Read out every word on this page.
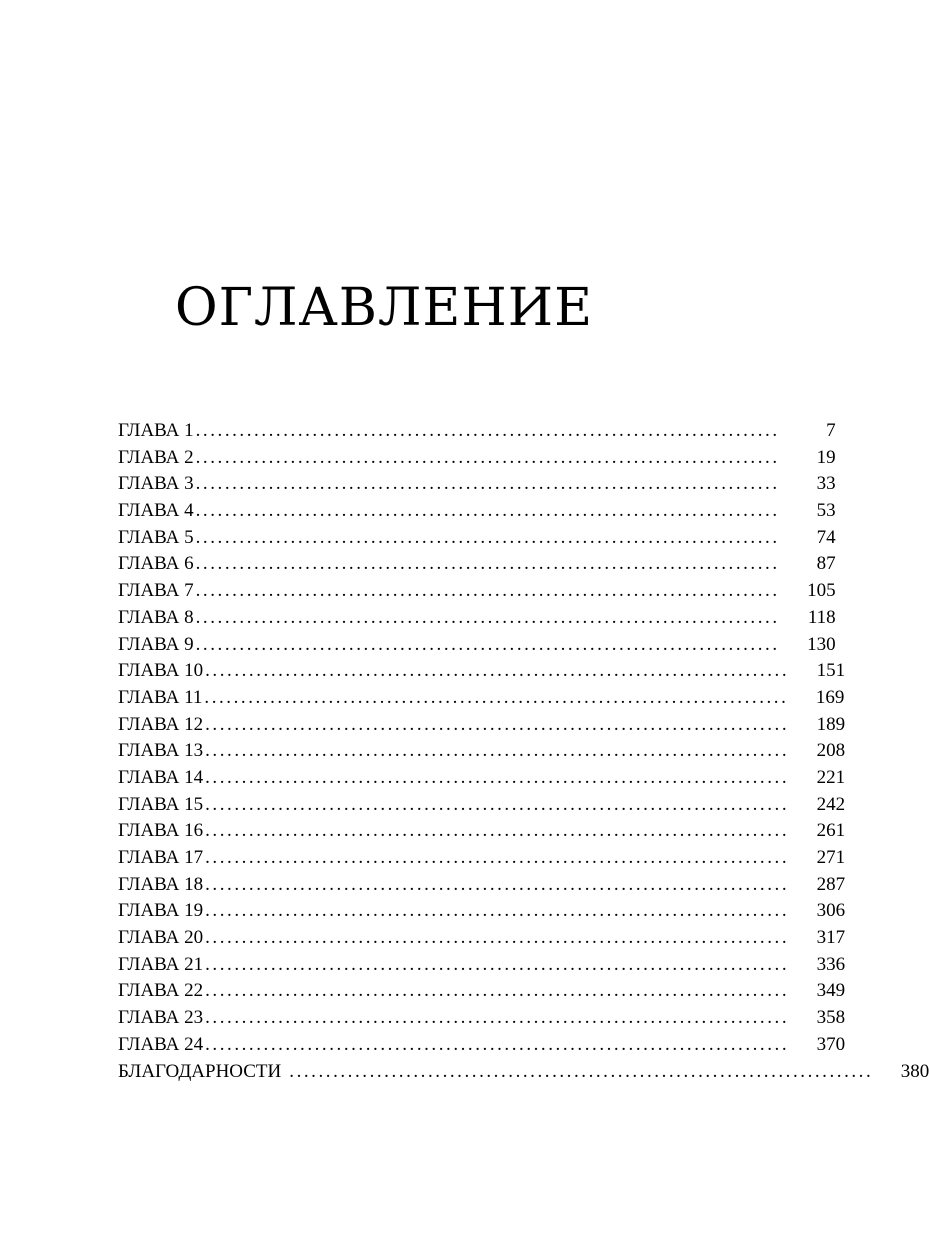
ОГЛАВЛЕНИЕ
ГЛАВА 1 ................................................................................	7
ГЛАВА 2 ................................................................................	19
ГЛАВА 3 ................................................................................	33
ГЛАВА 4 ................................................................................	53
ГЛАВА 5 ................................................................................	74
ГЛАВА 6 ................................................................................	87
ГЛАВА 7 ................................................................................	105
ГЛАВА 8 ................................................................................	118
ГЛАВА 9 ................................................................................	130
ГЛАВА 10 ................................................................................	151
ГЛАВА 11 ................................................................................	169
ГЛАВА 12 ................................................................................	189
ГЛАВА 13 ................................................................................	208
ГЛАВА 14 ................................................................................	221
ГЛАВА 15 ................................................................................	242
ГЛАВА 16 ................................................................................	261
ГЛАВА 17 ................................................................................	271
ГЛАВА 18 ................................................................................	287
ГЛАВА 19 ................................................................................	306
ГЛАВА 20 ................................................................................	317
ГЛАВА 21 ................................................................................	336
ГЛАВА 22 ................................................................................	349
ГЛАВА 23 ................................................................................	358
ГЛАВА 24 ................................................................................	370
БЛАГОДАРНОСТИ ................................................................................	380
